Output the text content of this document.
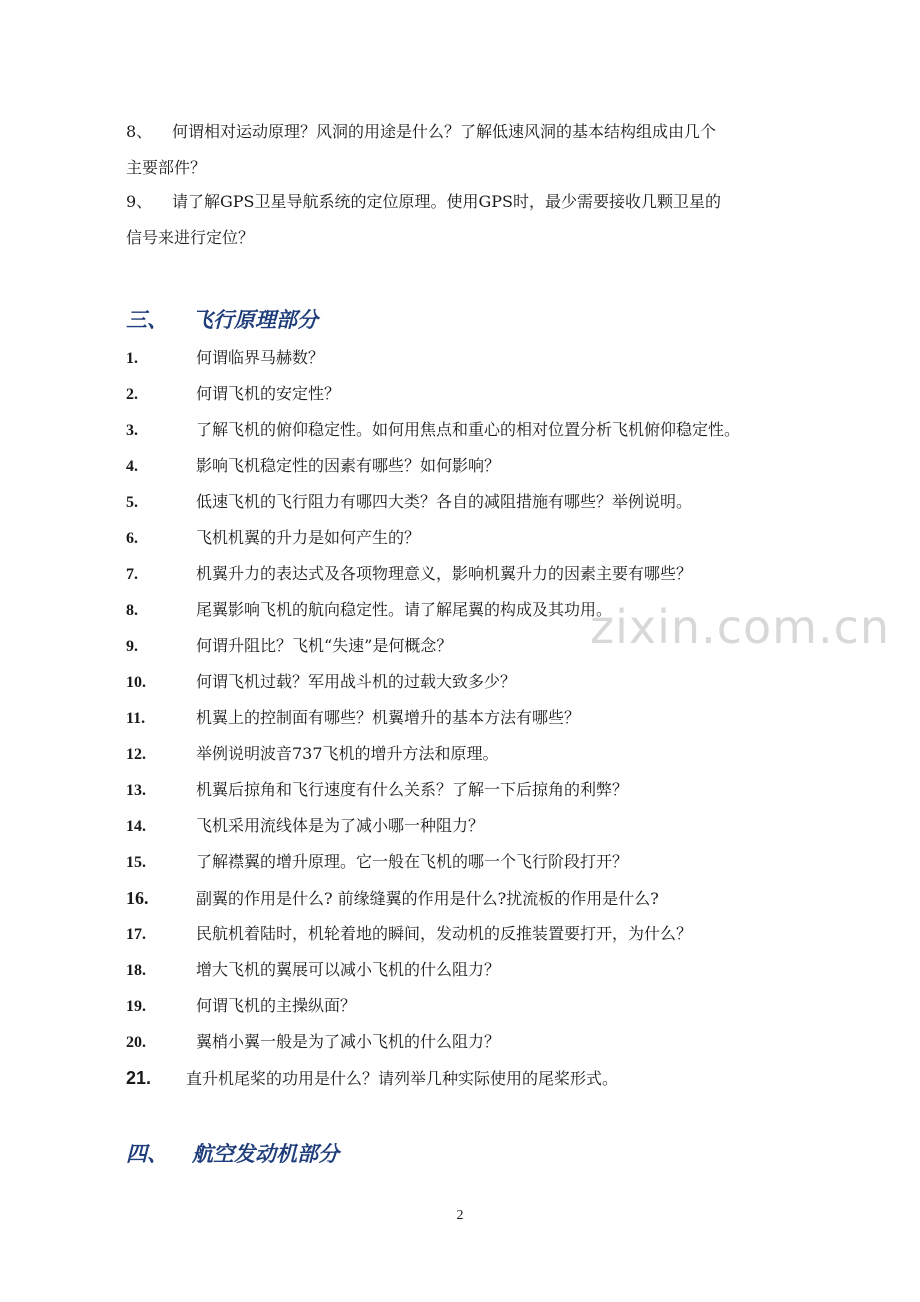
8、 何谓相对运动原理？风洞的用途是什么？了解低速风洞的基本结构组成由几个
主要部件？
9、 请了解GPS卫星导航系统的定位原理。使用GPS时，最少需要接收几颗卫星的
信号来进行定位？
三、 飞行原理部分
1.	何谓临界马赫数？
2.	何谓飞机的安定性？
3.	了解飞机的俯仰稳定性。如何用焦点和重心的相对位置分析飞机俯仰稳定性。
4.	影响飞机稳定性的因素有哪些？如何影响？
5.	低速飞机的飞行阻力有哪四大类？各自的减阻措施有哪些？举例说明。
6.	飞机机翼的升力是如何产生的？
7.	机翼升力的表达式及各项物理意义，影响机翼升力的因素主要有哪些？
8.	尾翼影响飞机的航向稳定性。请了解尾翼的构成及其功用。
9.	何谓升阻比？飞机“失速”是何概念？
10.	何谓飞机过载？军用战斗机的过载大致多少？
11.	机翼上的控制面有哪些？机翼增升的基本方法有哪些？
12.	举例说明波音737飞机的增升方法和原理。
13.	机翼后掠角和飞行速度有什么关系？了解一下后掠角的利弊？
14.	飞机采用流线体是为了减小哪一种阻力？
15.	了解襟翼的增升原理。它一般在飞机的哪一个飞行阶段打开？
16.	副翼的作用是什么? 前缘缝翼的作用是什么?扰流板的作用是什么?
17.	民航机着陆时，机轮着地的瞬间，发动机的反推装置要打开，为什么？
18.	增大飞机的翼展可以减小飞机的什么阻力？
19.	何谓飞机的主操纵面？
20.	翼梢小翼一般是为了减小飞机的什么阻力？
21. 直升机尾桨的功用是什么？请列举几种实际使用的尾桨形式。
四、 航空发动机部分
zixin.com.cn
2
